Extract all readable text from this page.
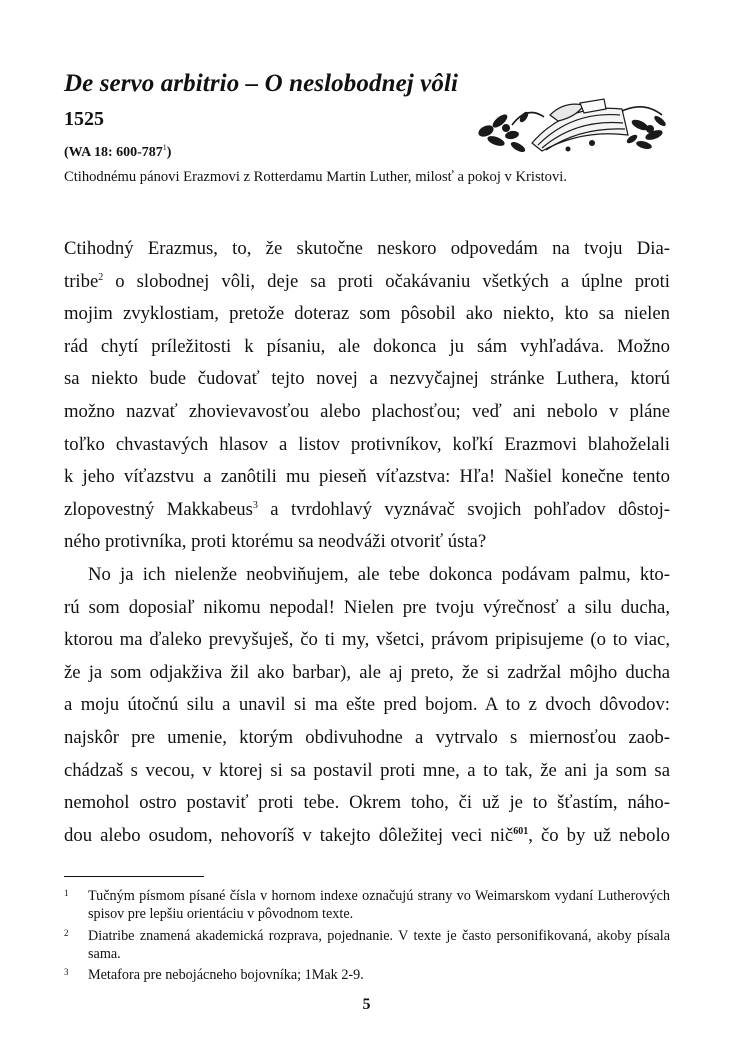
De servo arbitrio – O neslobodnej vôli
1525
(WA 18: $600-787^1$)
Ctihodnému pánovi Erazmovi z Rotterdamu Martin Luther, milosť a pokoj v Kristovi.
Ctihodný Erazmus, to, že skutočne neskoro odpovedám na tvoju Dia-
tribe$^2$ o slobodnej vôli, deje sa proti očakávaniu všetkých a úplne proti
mojim zvyklostiam, pretože doteraz som pôsobil ako niekto, kto sa nielen
rád chytí príležitosti k písaniu, ale dokonca ju sám vyhľadáva. Možno
sa niekto bude čudovať tejto novej a nezvyčajnej stránke Luthera, ktorú
možno nazvať zhovievavosťou alebo plachosťou; veď ani nebolo v pláne
toľko chvastavých hlasov a listov protivníkov, koľkí Erazmovi blahoželali
k jeho víťazstvu a zanôtili mu pieseň víťazstva: Hľa! Našiel konečne tento
zlopovestný Makkabeus$^3$ a tvrdohlavý vyznávač svojich pohľadov dôstoj-
ného protivníka, proti ktorému sa neodváži otvoriť ústa?
No ja ich nielenže neobviňujem, ale tebe dokonca podávam palmu, kto-
rú som doposiaľ nikomu nepodal! Nielen pre tvoju výrečnosť a silu ducha,
ktorou ma ďaleko prevyšuješ, čo ti my, všetci, právom pripisujeme (o to viac,
že ja som odjakživa žil ako barbar), ale aj preto, že si zadržal môjho ducha
a moju útočnú silu a unavil si ma ešte pred bojom. A to z dvoch dôvodov:
najskôr pre umenie, ktorým obdivuhodne a vytrvalo s miernosťou zaob-
chádzaš s vecou, v ktorej si sa postavil proti mne, a to tak, že ani ja som sa
nemohol ostro postaviť proti tebe. Okrem toho, či už je to šťastím, náho-
dou alebo osudom, nehovoríš v takejto dôležitej veci nič$^{601}$, čo by už nebolo
1 Tučným písmom písané čísla v hornom indexe označujú strany vo Weimarskom vydaní Lutherových spisov pre lepšiu orientáciu v pôvodnom texte.
2 Diatribe znamená akademická rozprava, pojednanie. V texte je často personifikovaná, akoby písala sama.
3 Metafora pre nebojácneho bojovníka; 1Mak 2-9.
5
